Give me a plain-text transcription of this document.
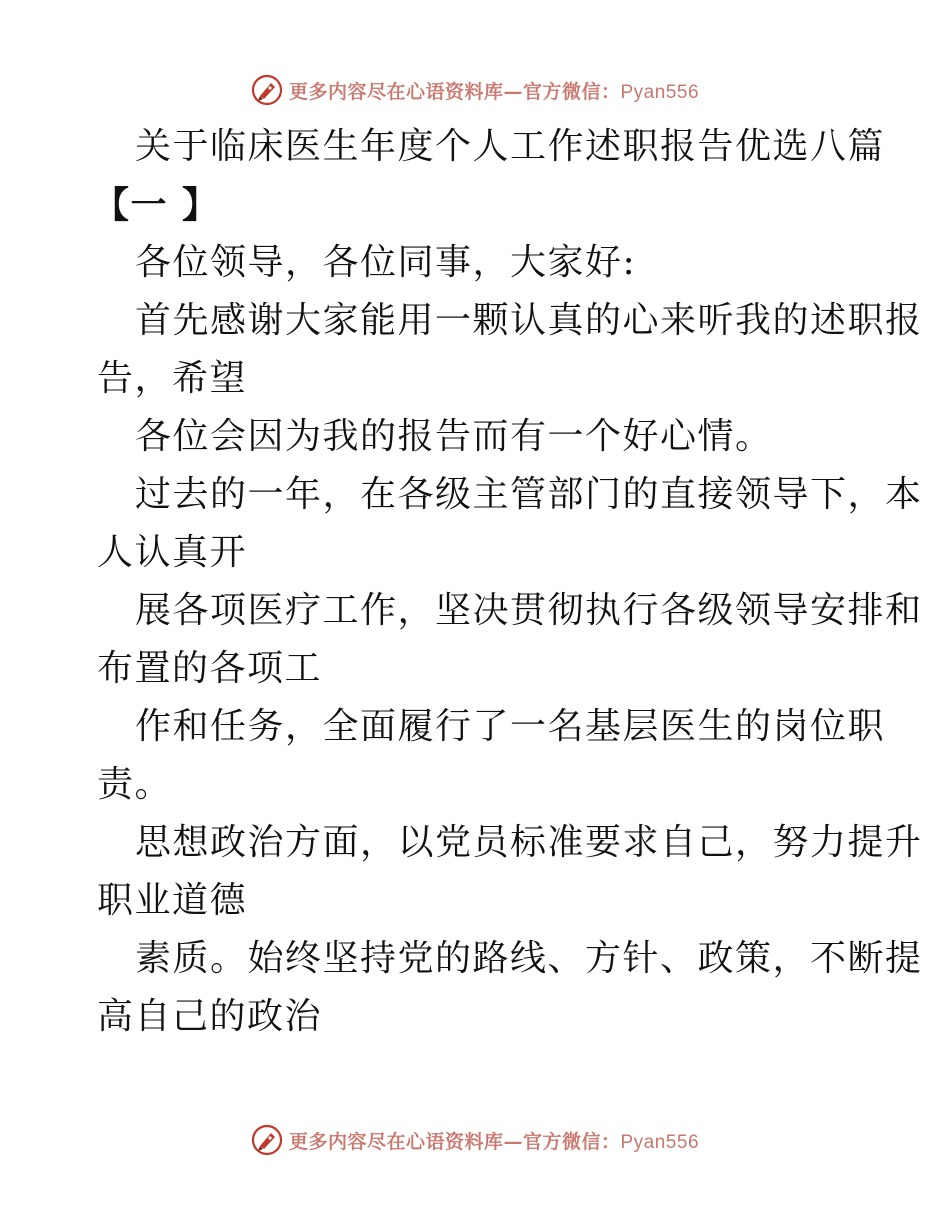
更多内容尽在心语资料库—官方微信：Pyan556
关于临床医生年度个人工作述职报告优选八篇
【一 】
各位领导，各位同事，大家好:
首先感谢大家能用一颗认真的心来听我的述职报
告，希望
各位会因为我的报告而有一个好心情。
过去的一年，在各级主管部门的直接领导下，本
人认真开
展各项医疗工作，坚决贯彻执行各级领导安排和
布置的各项工
作和任务，全面履行了一名基层医生的岗位职
责。
思想政治方面，以党员标准要求自己，努力提升
职业道德
素质。始终坚持党的路线、方针、政策，不断提
高自己的政治
更多内容尽在心语资料库—官方微信：Pyan556
